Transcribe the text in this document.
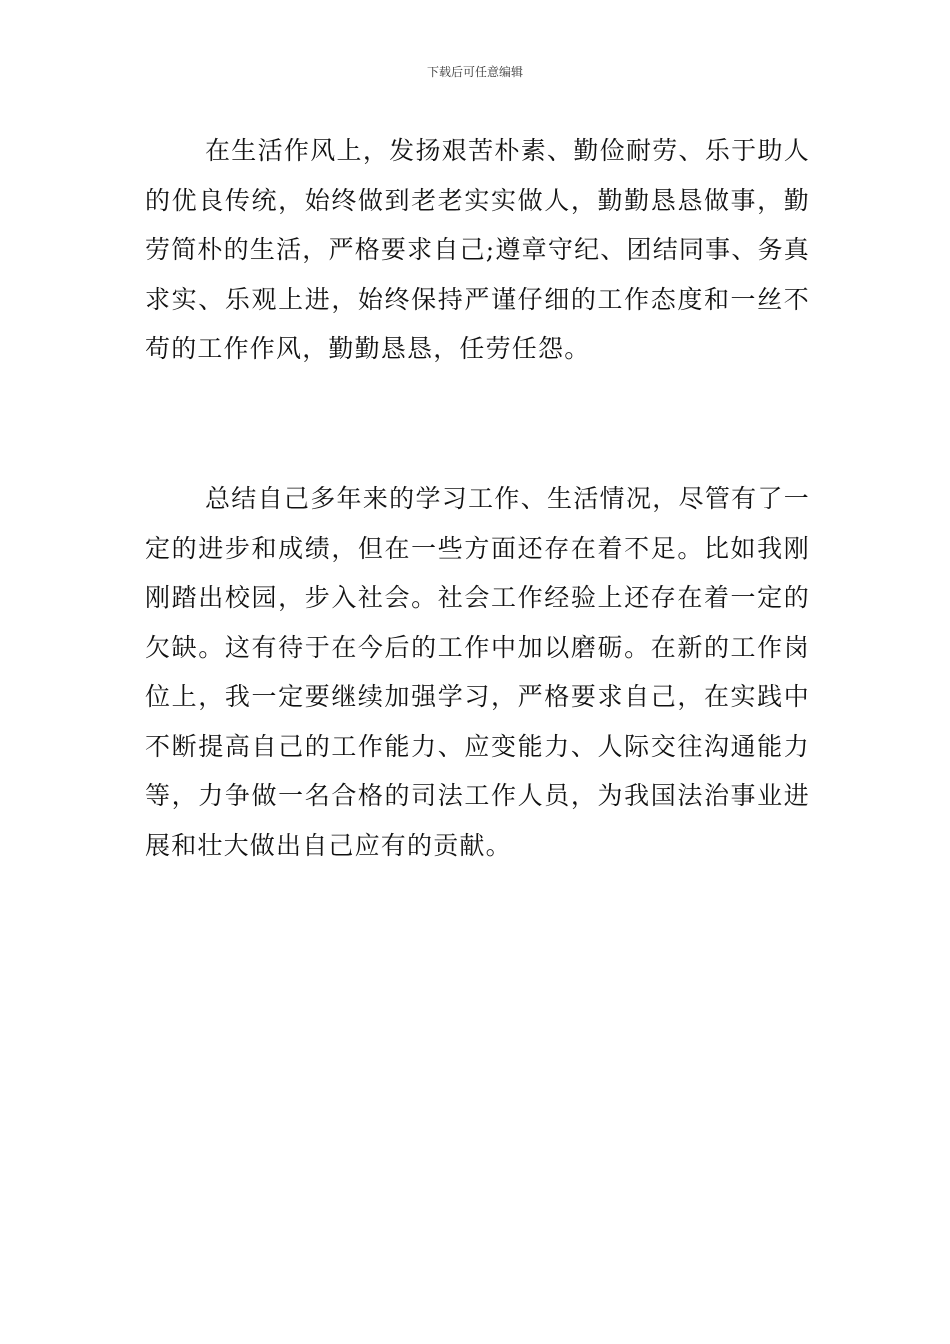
下载后可任意编辑

在生活作风上，发扬艰苦朴素、勤俭耐劳、乐于助人的优良传统，始终做到老老实实做人，勤勤恳恳做事，勤劳简朴的生活，严格要求自己;遵章守纪、团结同事、务真求实、乐观上进，始终保持严谨仔细的工作态度和一丝不苟的工作作风，勤勤恳恳，任劳任怨。

总结自己多年来的学习工作、生活情况，尽管有了一定的进步和成绩，但在一些方面还存在着不足。比如我刚刚踏出校园，步入社会。社会工作经验上还存在着一定的欠缺。这有待于在今后的工作中加以磨砺。在新的工作岗位上，我一定要继续加强学习，严格要求自己，在实践中不断提高自己的工作能力、应变能力、人际交往沟通能力等，力争做一名合格的司法工作人员，为我国法治事业进展和壮大做出自己应有的贡献。
